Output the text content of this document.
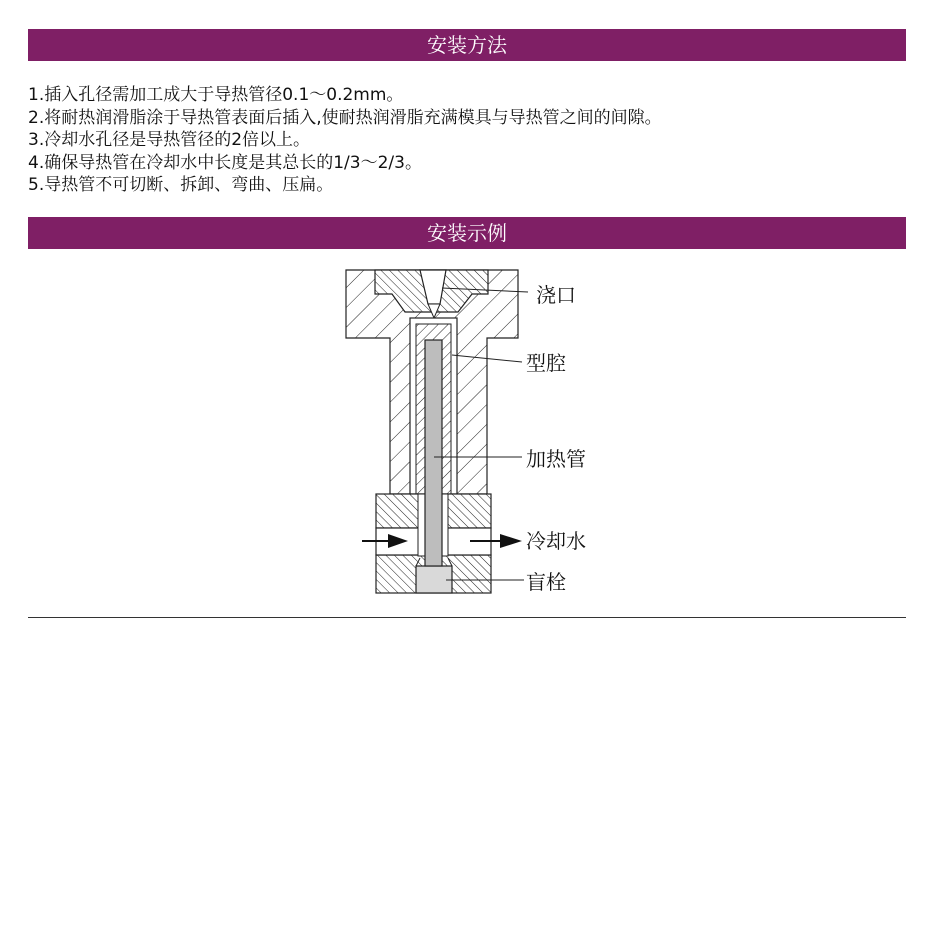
安装方法
1.插入孔径需加工成大于导热管径0.1～0.2mm。
2.将耐热润滑脂涂于导热管表面后插入,使耐热润滑脂充满模具与导热管之间的间隙。
3.冷却水孔径是导热管径的2倍以上。
4.确保导热管在冷却水中长度是其总长的1/3～2/3。
5.导热管不可切断、拆卸、弯曲、压扁。
安装示例
浇口
型腔
加热管
冷却水
盲栓
